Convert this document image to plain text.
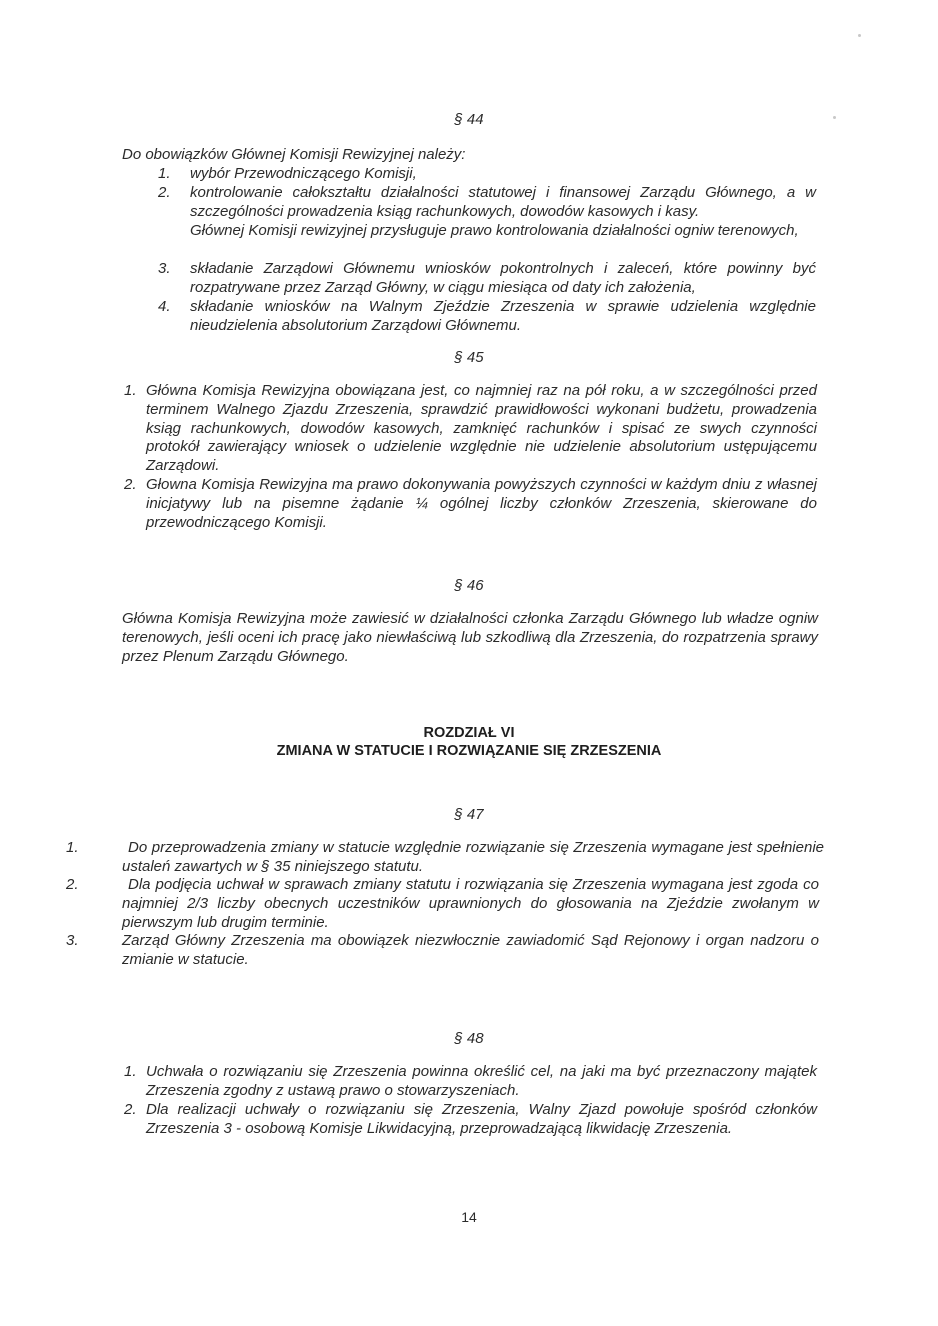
§ 44

Do obowiązków Głównej Komisji Rewizyjnej należy:

1. wybór Przewodniczącego Komisji,

2. kontrolowanie całokształtu działalności statutowej i finansowej Zarządu Głównego, a w szczególności prowadzenia ksiąg rachunkowych, dowodów kasowych i kasy.

Głównej Komisji rewizyjnej przysługuje prawo kontrolowania działalności ogniw terenowych,

3. składanie Zarządowi Głównemu wniosków pokontrolnych i zaleceń, które powinny być rozpatrywane przez Zarząd Główny, w ciągu miesiąca od daty ich założenia,

4. składanie wniosków na Walnym Zjeździe Zrzeszenia w sprawie udzielenia względnie nieudzielenia absolutorium Zarządowi Głównemu.

§ 45

1. Główna Komisja Rewizyjna obowiązana jest, co najmniej raz na pół roku, a w szczególności przed terminem Walnego Zjazdu Zrzeszenia, sprawdzić prawidłowości wykonani budżetu, prowadzenia ksiąg rachunkowych, dowodów kasowych, zamknięć rachunków i spisać ze swych czynności protokół zawierający wniosek o udzielenie względnie nie udzielenie absolutorium ustępującemu Zarządowi.

2. Głowna Komisja Rewizyjna ma prawo dokonywania powyższych czynności w każdym dniu z własnej inicjatywy lub na pisemne żądanie ¼ ogólnej liczby członków Zrzeszenia, skierowane do przewodniczącego Komisji.

§ 46

Główna Komisja Rewizyjna może zawiesić w działalności członka Zarządu Głównego lub władze ogniw terenowych, jeśli oceni ich pracę jako niewłaściwą lub szkodliwą dla Zrzeszenia, do rozpatrzenia sprawy przez Plenum Zarządu Głównego.

ROZDZIAŁ VI

ZMIANA W STATUCIE I ROZWIĄZANIE SIĘ ZRZESZENIA

§ 47

1.	Do przeprowadzenia zmiany w statucie względnie rozwiązanie się Zrzeszenia wymagane jest spełnienie ustaleń zawartych w § 35 niniejszego statutu.

2.	Dla podjęcia uchwał w sprawach zmiany statutu i rozwiązania się Zrzeszenia wymagana jest zgoda co najmniej 2/3 liczby obecnych uczestników uprawnionych do głosowania na Zjeździe zwołanym w pierwszym lub drugim terminie.

3.	Zarząd Główny Zrzeszenia ma obowiązek niezwłocznie zawiadomić Sąd Rejonowy i organ nadzoru o zmianie w statucie.

§ 48

1. Uchwała o rozwiązaniu się Zrzeszenia powinna określić cel, na jaki ma być przeznaczony majątek Zrzeszenia zgodny z ustawą prawo o stowarzyszeniach.

2. Dla realizacji uchwały o rozwiązaniu się Zrzeszenia, Walny Zjazd powołuje spośród członków Zrzeszenia 3 - osobową Komisje Likwidacyjną, przeprowadzającą likwidację Zrzeszenia.

14
